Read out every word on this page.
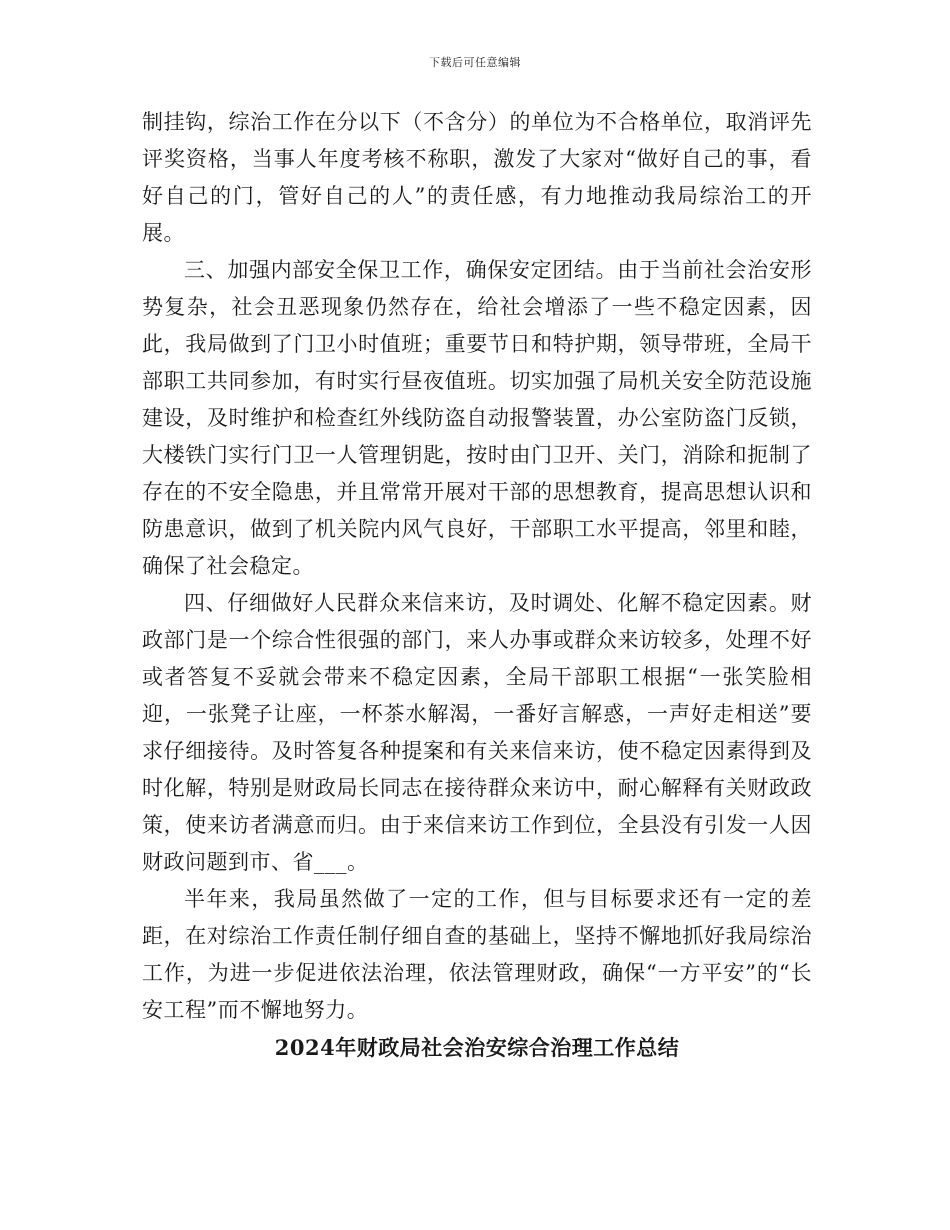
下载后可任意编辑

制挂钩，综治工作在分以下（不含分）的单位为不合格单位，取消评先评奖资格，当事人年度考核不称职，激发了大家对“做好自己的事，看好自己的门，管好自己的人”的责任感，有力地推动我局综治工的开展。

三、加强内部安全保卫工作，确保安定团结。由于当前社会治安形势复杂，社会丑恶现象仍然存在，给社会增添了一些不稳定因素，因此，我局做到了门卫小时值班；重要节日和特护期，领导带班，全局干部职工共同参加，有时实行昼夜值班。切实加强了局机关安全防范设施建设，及时维护和检查红外线防盗自动报警装置，办公室防盗门反锁，大楼铁门实行门卫一人管理钥匙，按时由门卫开、关门，消除和扼制了存在的不安全隐患，并且常常开展对干部的思想教育，提高思想认识和防患意识，做到了机关院内风气良好，干部职工水平提高，邻里和睦，确保了社会稳定。

四、仔细做好人民群众来信来访，及时调处、化解不稳定因素。财政部门是一个综合性很强的部门，来人办事或群众来访较多，处理不好或者答复不妥就会带来不稳定因素，全局干部职工根据“一张笑脸相迎，一张凳子让座，一杯茶水解渴，一番好言解惑，一声好走相送”要求仔细接待。及时答复各种提案和有关来信来访，使不稳定因素得到及时化解，特别是财政局长同志在接待群众来访中，耐心解释有关财政政策，使来访者满意而归。由于来信来访工作到位，全县没有引发一人因财政问题到市、省___。

半年来，我局虽然做了一定的工作，但与目标要求还有一定的差距，在对综治工作责任制仔细自查的基础上，坚持不懈地抓好我局综治工作，为进一步促进依法治理，依法管理财政，确保“一方平安”的“长安工程”而不懈地努力。

2024年财政局社会治安综合治理工作总结
